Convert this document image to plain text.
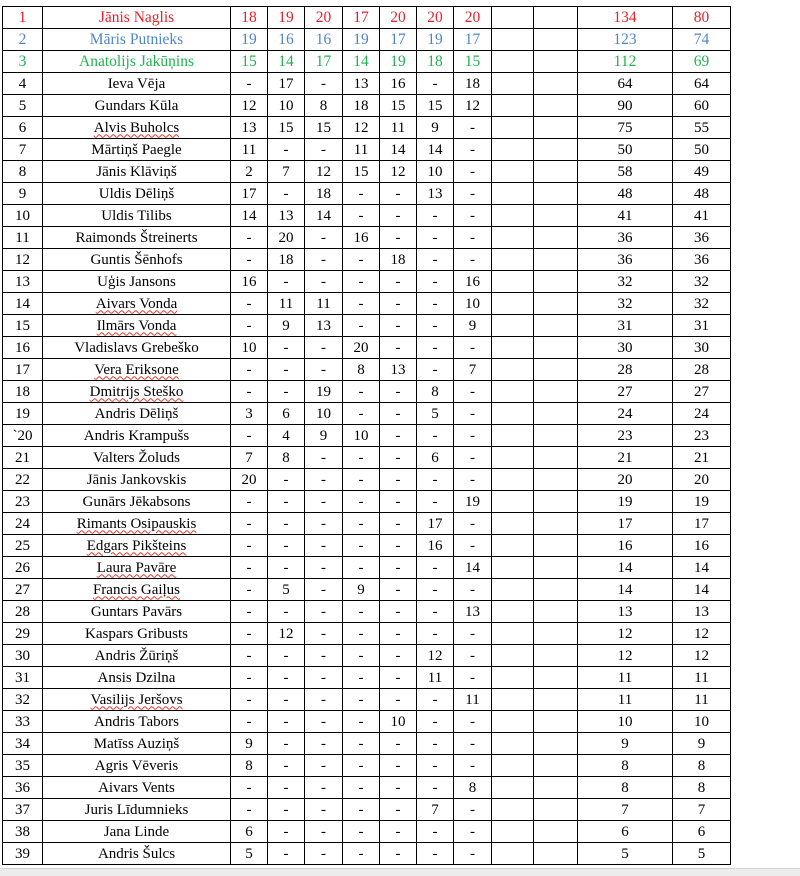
1	Jānis Naglis	18	19	20	17	20	20	20			134	80
2	Māris Putnieks	19	16	16	19	17	19	17			123	74
3	Anatolijs Jakūņins	15	14	17	14	19	18	15			112	69
4	Ieva Vēja	-	17	-	13	16	-	18			64	64
5	Gundars Kūla	12	10	8	18	15	15	12			90	60
6	Alvis Buholcs	13	15	15	12	11	9	-			75	55
7	Mārtiņš Paegle	11	-	-	11	14	14	-			50	50
8	Jānis Klāviņš	2	7	12	15	12	10	-			58	49
9	Uldis Dēliņš	17	-	18	-	-	13	-			48	48
10	Uldis Tilibs	14	13	14	-	-	-	-			41	41
11	Raimonds Štreinerts	-	20	-	16	-	-	-			36	36
12	Guntis Šēnhofs	-	18	-	-	18	-	-			36	36
13	Uģis Jansons	16	-	-	-	-	-	16			32	32
14	Aivars Vonda	-	11	11	-	-	-	10			32	32
15	Ilmārs Vonda	-	9	13	-	-	-	9			31	31
16	Vladislavs Grebeško	10	-	-	20	-	-	-			30	30
17	Vera Eriksone	-	-	-	8	13	-	7			28	28
18	Dmitrijs Steško	-	-	19	-	-	8	-			27	27
19	Andris Dēliņš	3	6	10	-	-	5	-			24	24
`20	Andris Krampušs	-	4	9	10	-	-	-			23	23
21	Valters Žoluds	7	8	-	-	-	6	-			21	21
22	Jānis Jankovskis	20	-	-	-	-	-	-			20	20
23	Gunārs Jēkabsons	-	-	-	-	-	-	19			19	19
24	Rimants Osipauskis	-	-	-	-	-	17	-			17	17
25	Edgars Pikšteins	-	-	-	-	-	16	-			16	16
26	Laura Pavāre	-	-	-	-	-	-	14			14	14
27	Francis Gaiļus	-	5	-	9	-	-	-			14	14
28	Guntars Pavārs	-	-	-	-	-	-	13			13	13
29	Kaspars Gribusts	-	12	-	-	-	-	-			12	12
30	Andris Žūriņš	-	-	-	-	-	12	-			12	12
31	Ansis Dzilna	-	-	-	-	-	11	-			11	11
32	Vasilijs Jeršovs	-	-	-	-	-	-	11			11	11
33	Andris Tabors	-	-	-	-	10	-	-			10	10
34	Matīss Auziņš	9	-	-	-	-	-	-			9	9
35	Agris Vēveris	8	-	-	-	-	-	-			8	8
36	Aivars Vents	-	-	-	-	-	-	8			8	8
37	Juris Līdumnieks	-	-	-	-	-	7	-			7	7
38	Jana Linde	6	-	-	-	-	-	-			6	6
39	Andris Šulcs	5	-	-	-	-	-	-			5	5
